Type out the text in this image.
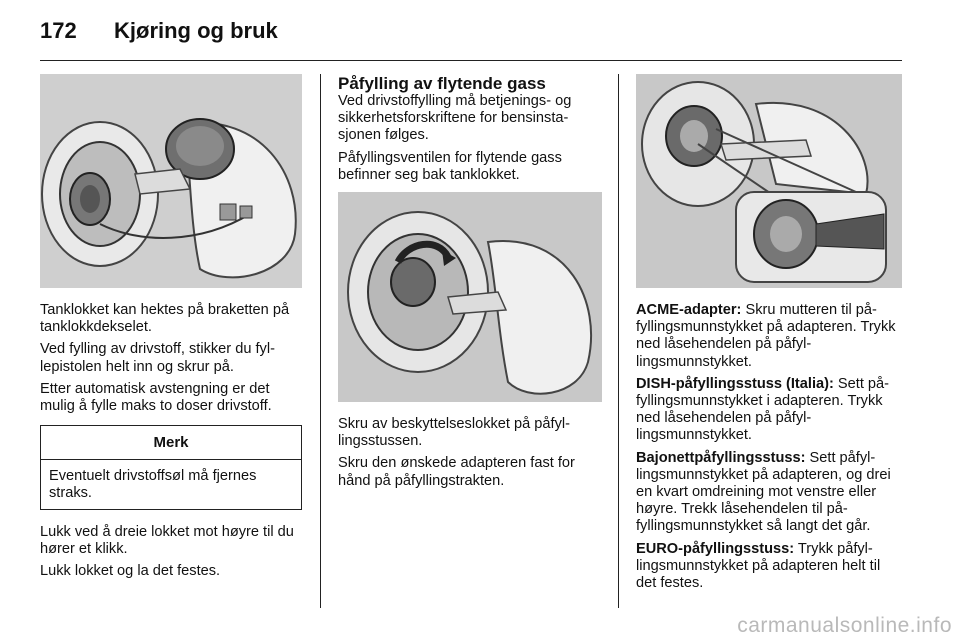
172 Kjøring og bruk

Tanklokket kan hektes på braketten på tanklokkdekselet.

Ved fylling av drivstoff, stikker du fyl-lepistolen helt inn og skrur på.

Etter automatisk avstengning er det mulig å fylle maks to doser drivstoff.

Merk

Eventuelt drivstoffsøl må fjernes straks.

Lukk ved å dreie lokket mot høyre til du hører et klikk.

Lukk lokket og la det festes.

Påfylling av flytende gass

Ved drivstoffylling må betjenings- og sikkerhetsforskriftene for bensinsta-sjonen følges.

Påfyllingsventilen for flytende gass befinner seg bak tanklokket.

Skru av beskyttelseslokket på påfyl-lingsstussen.

Skru den ønskede adapteren fast for hånd på påfyllingstrakten.

ACME-adapter: Skru mutteren til på-fyllingsmunnstykket på adapteren. Trykk ned låsehendelen på påfyl-lingsmunnstykket.

DISH-påfyllingsstuss (Italia): Sett på-fyllingsmunnstykket i adapteren. Trykk ned låsehendelen på påfyl-lingsmunnstykket.

Bajonettpåfyllingsstuss: Sett påfyl-lingsmunnstykket på adapteren, og drei en kvart omdreining mot venstre eller høyre. Trekk låsehendelen til på-fyllingsmunnstykket så langt det går.

EURO-påfyllingsstuss: Trykk påfyl-lingsmunnstykket på adapteren helt til det festes.

carmanualsonline.info
